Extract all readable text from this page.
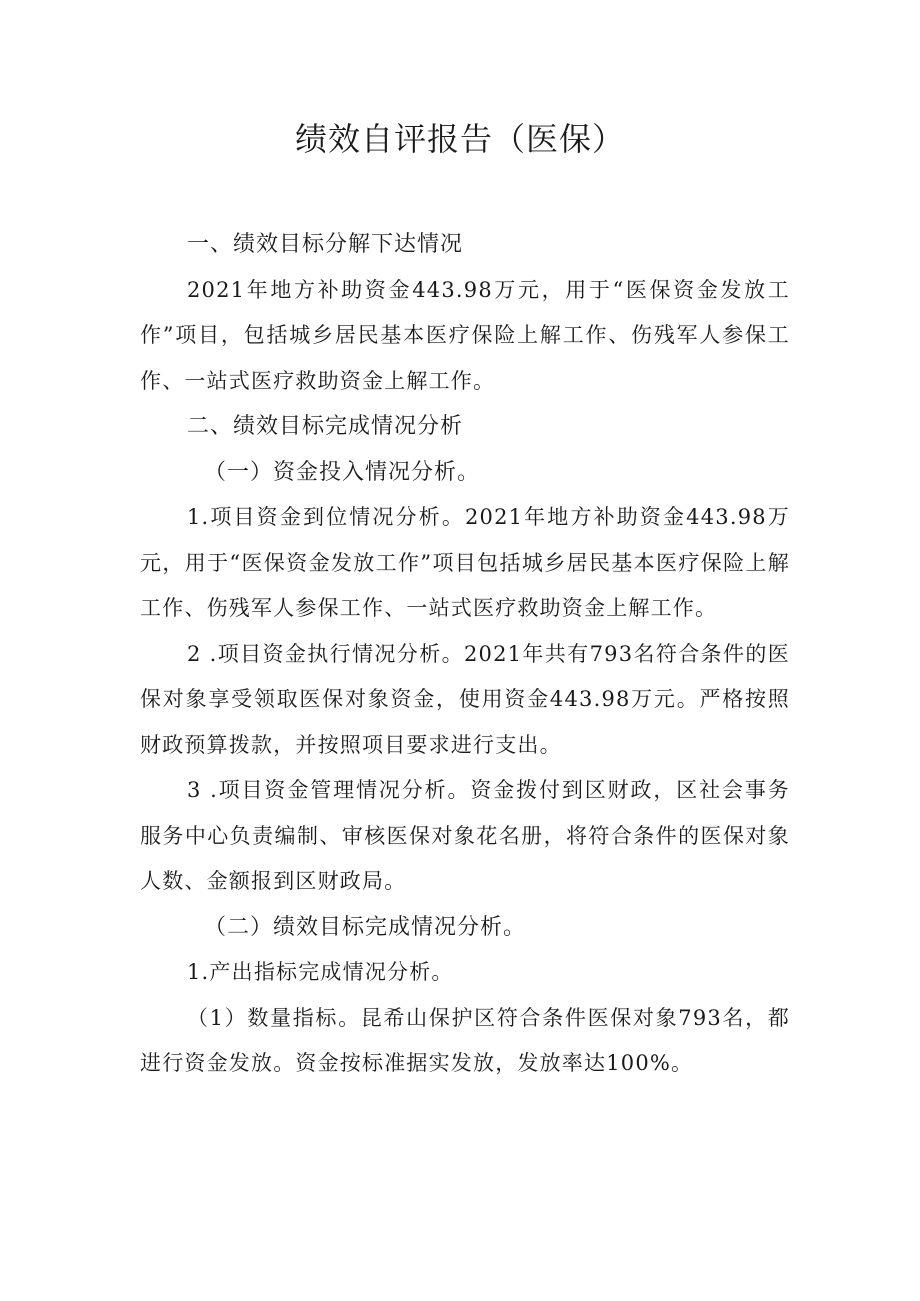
绩效自评报告（医保）

一、绩效目标分解下达情况

2021年地方补助资金443.98万元，用于“医保资金发放工作”项目，包括城乡居民基本医疗保险上解工作、伤残军人参保工作、一站式医疗救助资金上解工作。

二、绩效目标完成情况分析

（一）资金投入情况分析。

1.项目资金到位情况分析。2021年地方补助资金443.98万元，用于“医保资金发放工作”项目包括城乡居民基本医疗保险上解工作、伤残军人参保工作、一站式医疗救助资金上解工作。

2 .项目资金执行情况分析。2021年共有793名符合条件的医保对象享受领取医保对象资金，使用资金443.98万元。严格按照财政预算拨款，并按照项目要求进行支出。

3 .项目资金管理情况分析。资金拨付到区财政，区社会事务服务中心负责编制、审核医保对象花名册，将符合条件的医保对象人数、金额报到区财政局。

（二）绩效目标完成情况分析。

1.产出指标完成情况分析。

（1）数量指标。昆希山保护区符合条件医保对象793名，都进行资金发放。资金按标准据实发放，发放率达100%。
